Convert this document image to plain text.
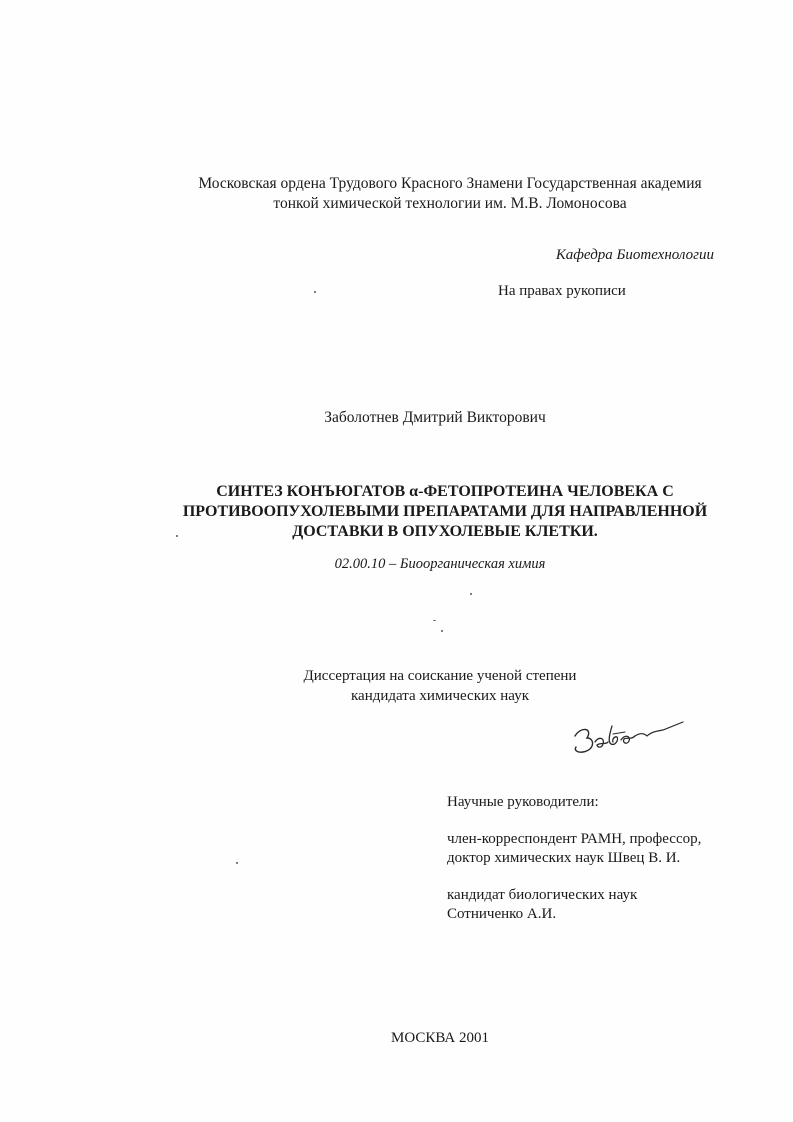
Московская ордена Трудового Красного Знамени Государственная академия
тонкой химической технологии им. М.В. Ломоносова
Кафедра Биотехнологии
На правах рукописи
Заболотнев Дмитрий Викторович
СИНТЕЗ КОНЪЮГАТОВ α-ФЕТОПРОТЕИНА ЧЕЛОВЕКА С
ПРОТИВООПУХОЛЕВЫМИ ПРЕПАРАТАМИ ДЛЯ НАПРАВЛЕННОЙ
ДОСТАВКИ В ОПУХОЛЕВЫЕ КЛЕТКИ.
02.00.10 – Биоорганическая химия
Диссертация на соискание ученой степени
кандидата химических наук
Научные руководители:
член-корреспондент РАМН, профессор,
доктор химических наук Швец В. И.
кандидат биологических наук
Сотниченко А.И.
МОСКВА 2001
